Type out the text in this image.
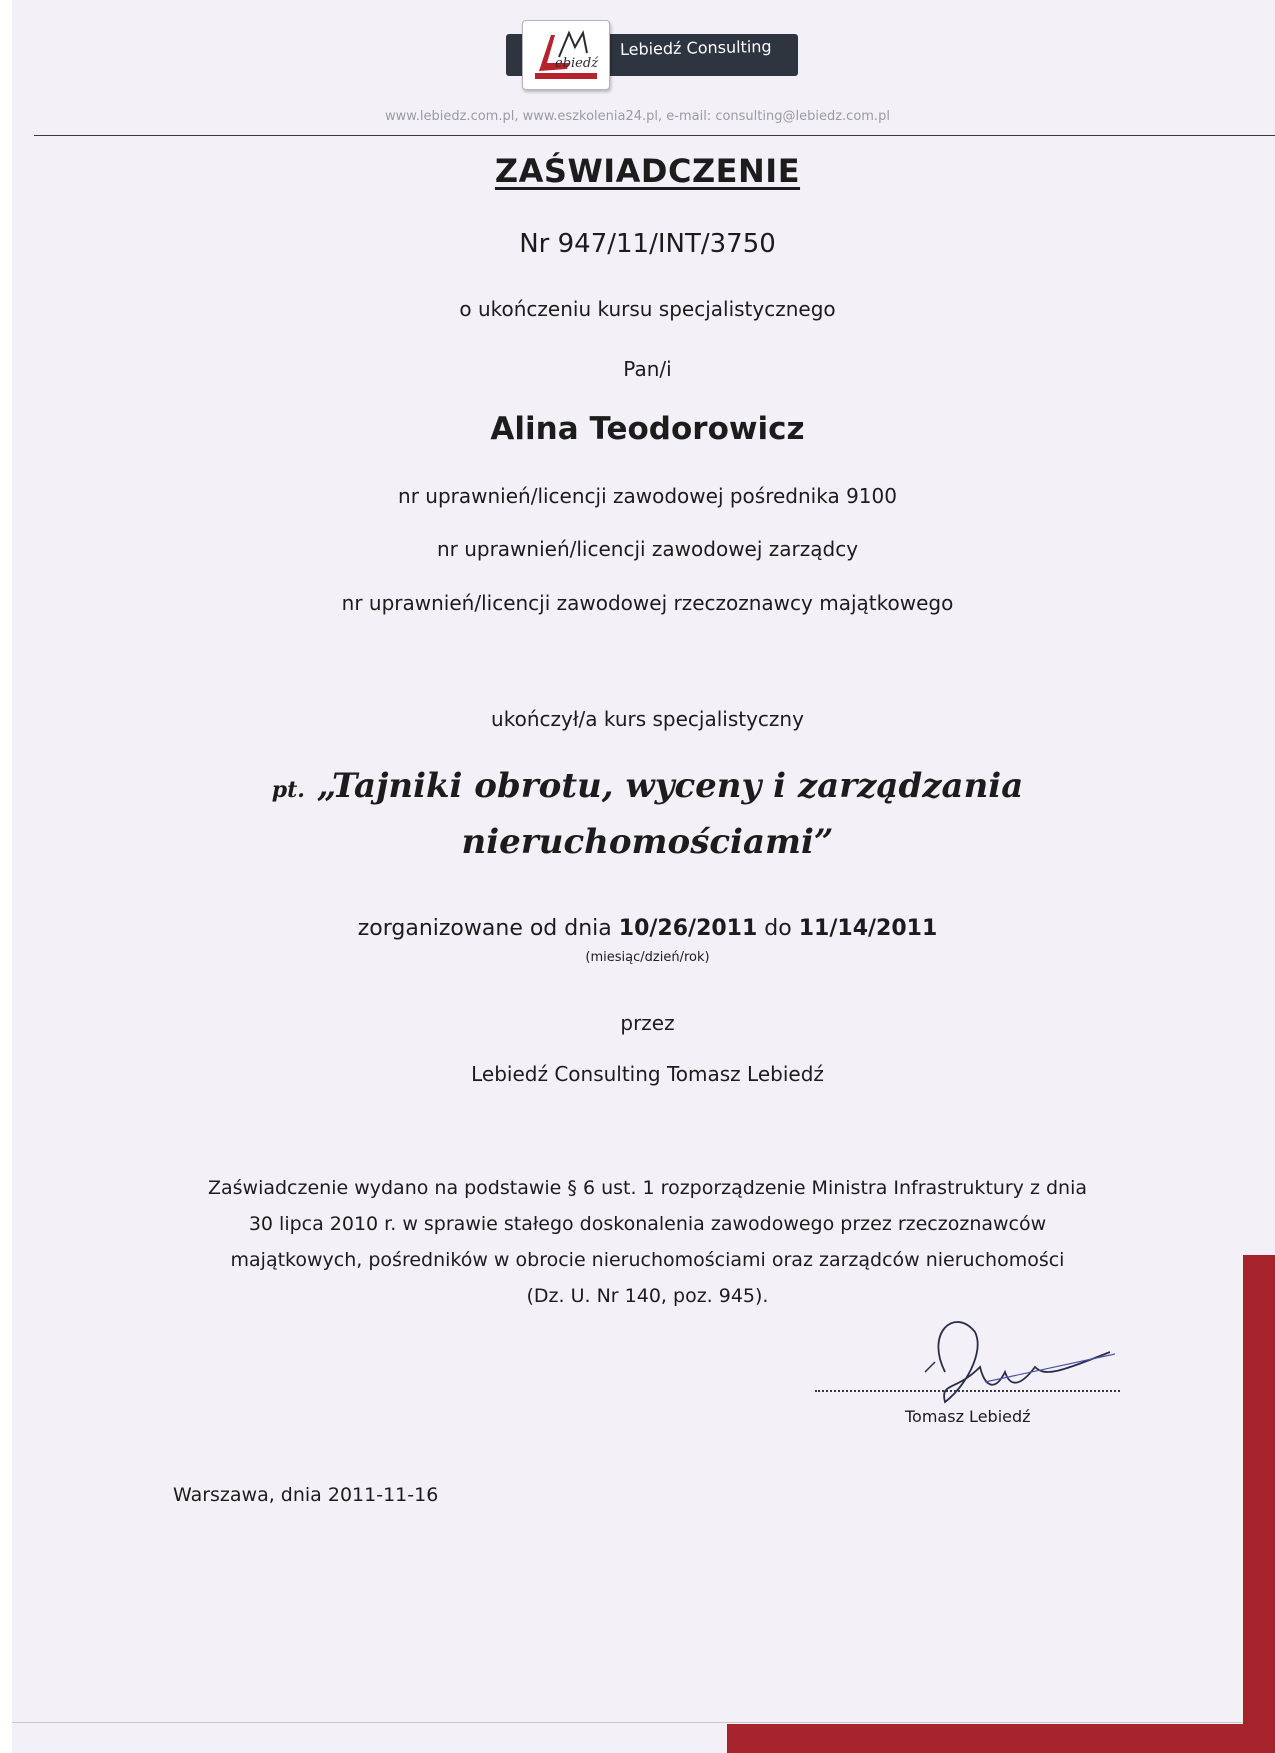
ebiedź
Lebiedź Consulting
www.lebiedz.com.pl, www.eszkolenia24.pl, e-mail: consulting@lebiedz.com.pl
ZAŚWIADCZENIE
Nr 947/11/INT/3750
o ukończeniu kursu specjalistycznego
Pan/i
Alina Teodorowicz
nr uprawnień/licencji zawodowej pośrednika 9100
nr uprawnień/licencji zawodowej zarządcy
nr uprawnień/licencji zawodowej rzeczoznawcy majątkowego
ukończył/a kurs specjalistyczny
pt. „Tajniki obrotu, wyceny i zarządzania
nieruchomościami”
zorganizowane od dnia 10/26/2011 do 11/14/2011
(miesiąc/dzień/rok)
przez
Lebiedź Consulting Tomasz Lebiedź
Zaświadczenie wydano na podstawie § 6 ust. 1 rozporządzenie Ministra Infrastruktury z dnia
30 lipca 2010 r. w sprawie stałego doskonalenia zawodowego przez rzeczoznawców
majątkowych, pośredników w obrocie nieruchomościami oraz zarządców nieruchomości
(Dz. U. Nr 140, poz. 945).
Tomasz Lebiedź
Warszawa, dnia 2011-11-16
